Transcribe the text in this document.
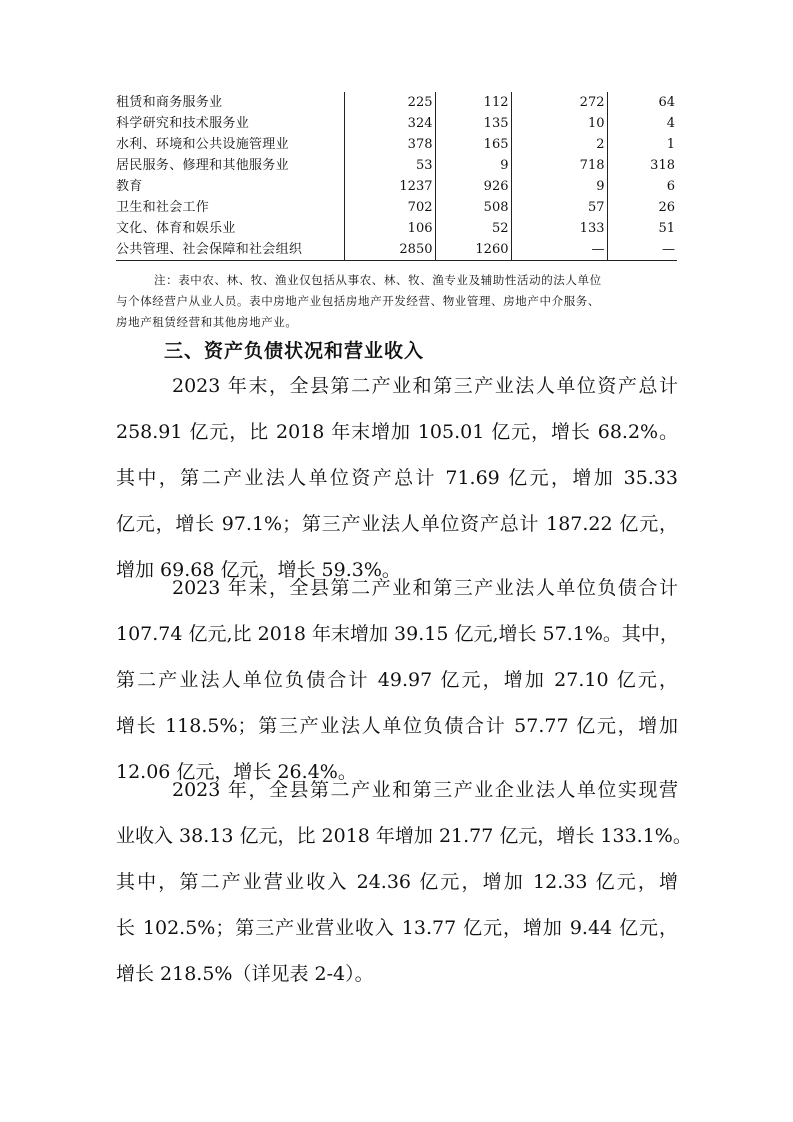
租赁和商务服务业	225	112	272	64
科学研究和技术服务业	324	135	10	4
水利、环境和公共设施管理业	378	165	2	1
居民服务、修理和其他服务业	53	9	718	318
教育	1237	926	9	6
卫生和社会工作	702	508	57	26
文化、体育和娱乐业	106	52	133	51
公共管理、社会保障和社会组织	2850	1260	—	—
注：表中农、林、牧、渔业仅包括从事农、林、牧、渔专业及辅助性活动的法人单位
与个体经营户从业人员。表中房地产业包括房地产开发经营、物业管理、房地产中介服务、
房地产租赁经营和其他房地产业。
三、资产负债状况和营业收入
2023 年末，全县第二产业和第三产业法人单位资产总计
258.91 亿元，比 2018 年末增加 105.01 亿元，增长 68.2%。
其中，第二产业法人单位资产总计 71.69 亿元，增加 35.33
亿元，增长 97.1%；第三产业法人单位资产总计 187.22 亿元，
增加 69.68 亿元，增长 59.3%。
2023 年末，全县第二产业和第三产业法人单位负债合计
107.74 亿元,比 2018 年末增加 39.15 亿元,增长 57.1%。其中，
第二产业法人单位负债合计 49.97 亿元，增加 27.10 亿元，
增长 118.5%；第三产业法人单位负债合计 57.77 亿元，增加
12.06 亿元，增长 26.4%。
2023 年，全县第二产业和第三产业企业法人单位实现营
业收入 38.13 亿元，比 2018 年增加 21.77 亿元，增长 133.1%。
其中，第二产业营业收入 24.36 亿元，增加 12.33 亿元，增
长 102.5%；第三产业营业收入 13.77 亿元，增加 9.44 亿元，
增长 218.5%（详见表 2-4）。
